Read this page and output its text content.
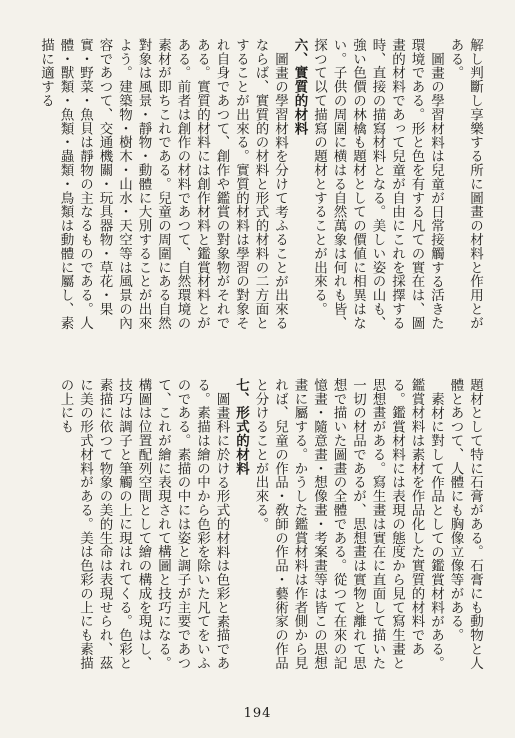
解し判斷し享樂する所に圖畫の材料と作用とがある。

圖畫の學習材料は兒童が日常接觸する活きた環境である。形と色を有する凡ての實在は、圖畫的材料であって兒童が自由にこれを採擇する時、直接の描寫材料となる。美しい姿の山も、強い色價の林檎も題材としての價値に相異はない。子供の周圍に横はる自然萬象は何れも皆、探つて以て描寫の題材とすることが出來る。

六、實質的材料

圖畫の學習材料を分けて考ふることが出來るならば、實質的の材料と形式的材料の二方面とすることが出來る。實質的材料は學習の對象それ自身であつて、創作や鑑賞の對象物がそれである。實質的材料には創作材料と鑑賞材料とがある。前者は創作の材料であつて、自然環境の素材が即ちこれである。兒童の周圍にある自然對象は風景・靜物・動體に大別することが出來よう。建築物・樹木・山水・天空等は風景の內容であつて、交通機關・玩具器物・草花・果實・野菜・魚貝は靜物の主なるものである。人體・獸類・魚類・蟲類・鳥類は動體に屬し、素描に適する

題材として特に石膏がある。石膏にも動物と人體とあつて、人體にも胸像立像等がある。

素材に對して作品としての鑑賞材料がある。鑑賞材料は素材を作品化した實質的材料である。鑑賞材料には表現の態度から見て寫生畫と思想畫がある。寫生畫は實在に直面して描いた一切の材品であるが、思想畫は實物と離れて思想で描いた圖畫の全體である。從つて在來の記憶畫・隨意畫・想像畫・考案畫等は皆この思想畫に屬する。かうした鑑賞材料は作者側から見れば、兒童の作品・敎師の作品・藝術家の作品と分けることが出來る。

七、形式的材料

圖畫科に於ける形式的材料は色彩と素描である。素描は繪の中から色彩を除いた凡てをいふのである。素描の中には姿と調子が主要であつて、これが繪に表現されて構圖と技巧になる。構圖は位置配列空間として繪の構成を現はし、技巧は調子と筆觸の上に現はれてくる。色彩と素描に依つて物象の美的生命は表現せられ、茲に美の形式材料がある。美は色彩の上にも素描の上にも

194
